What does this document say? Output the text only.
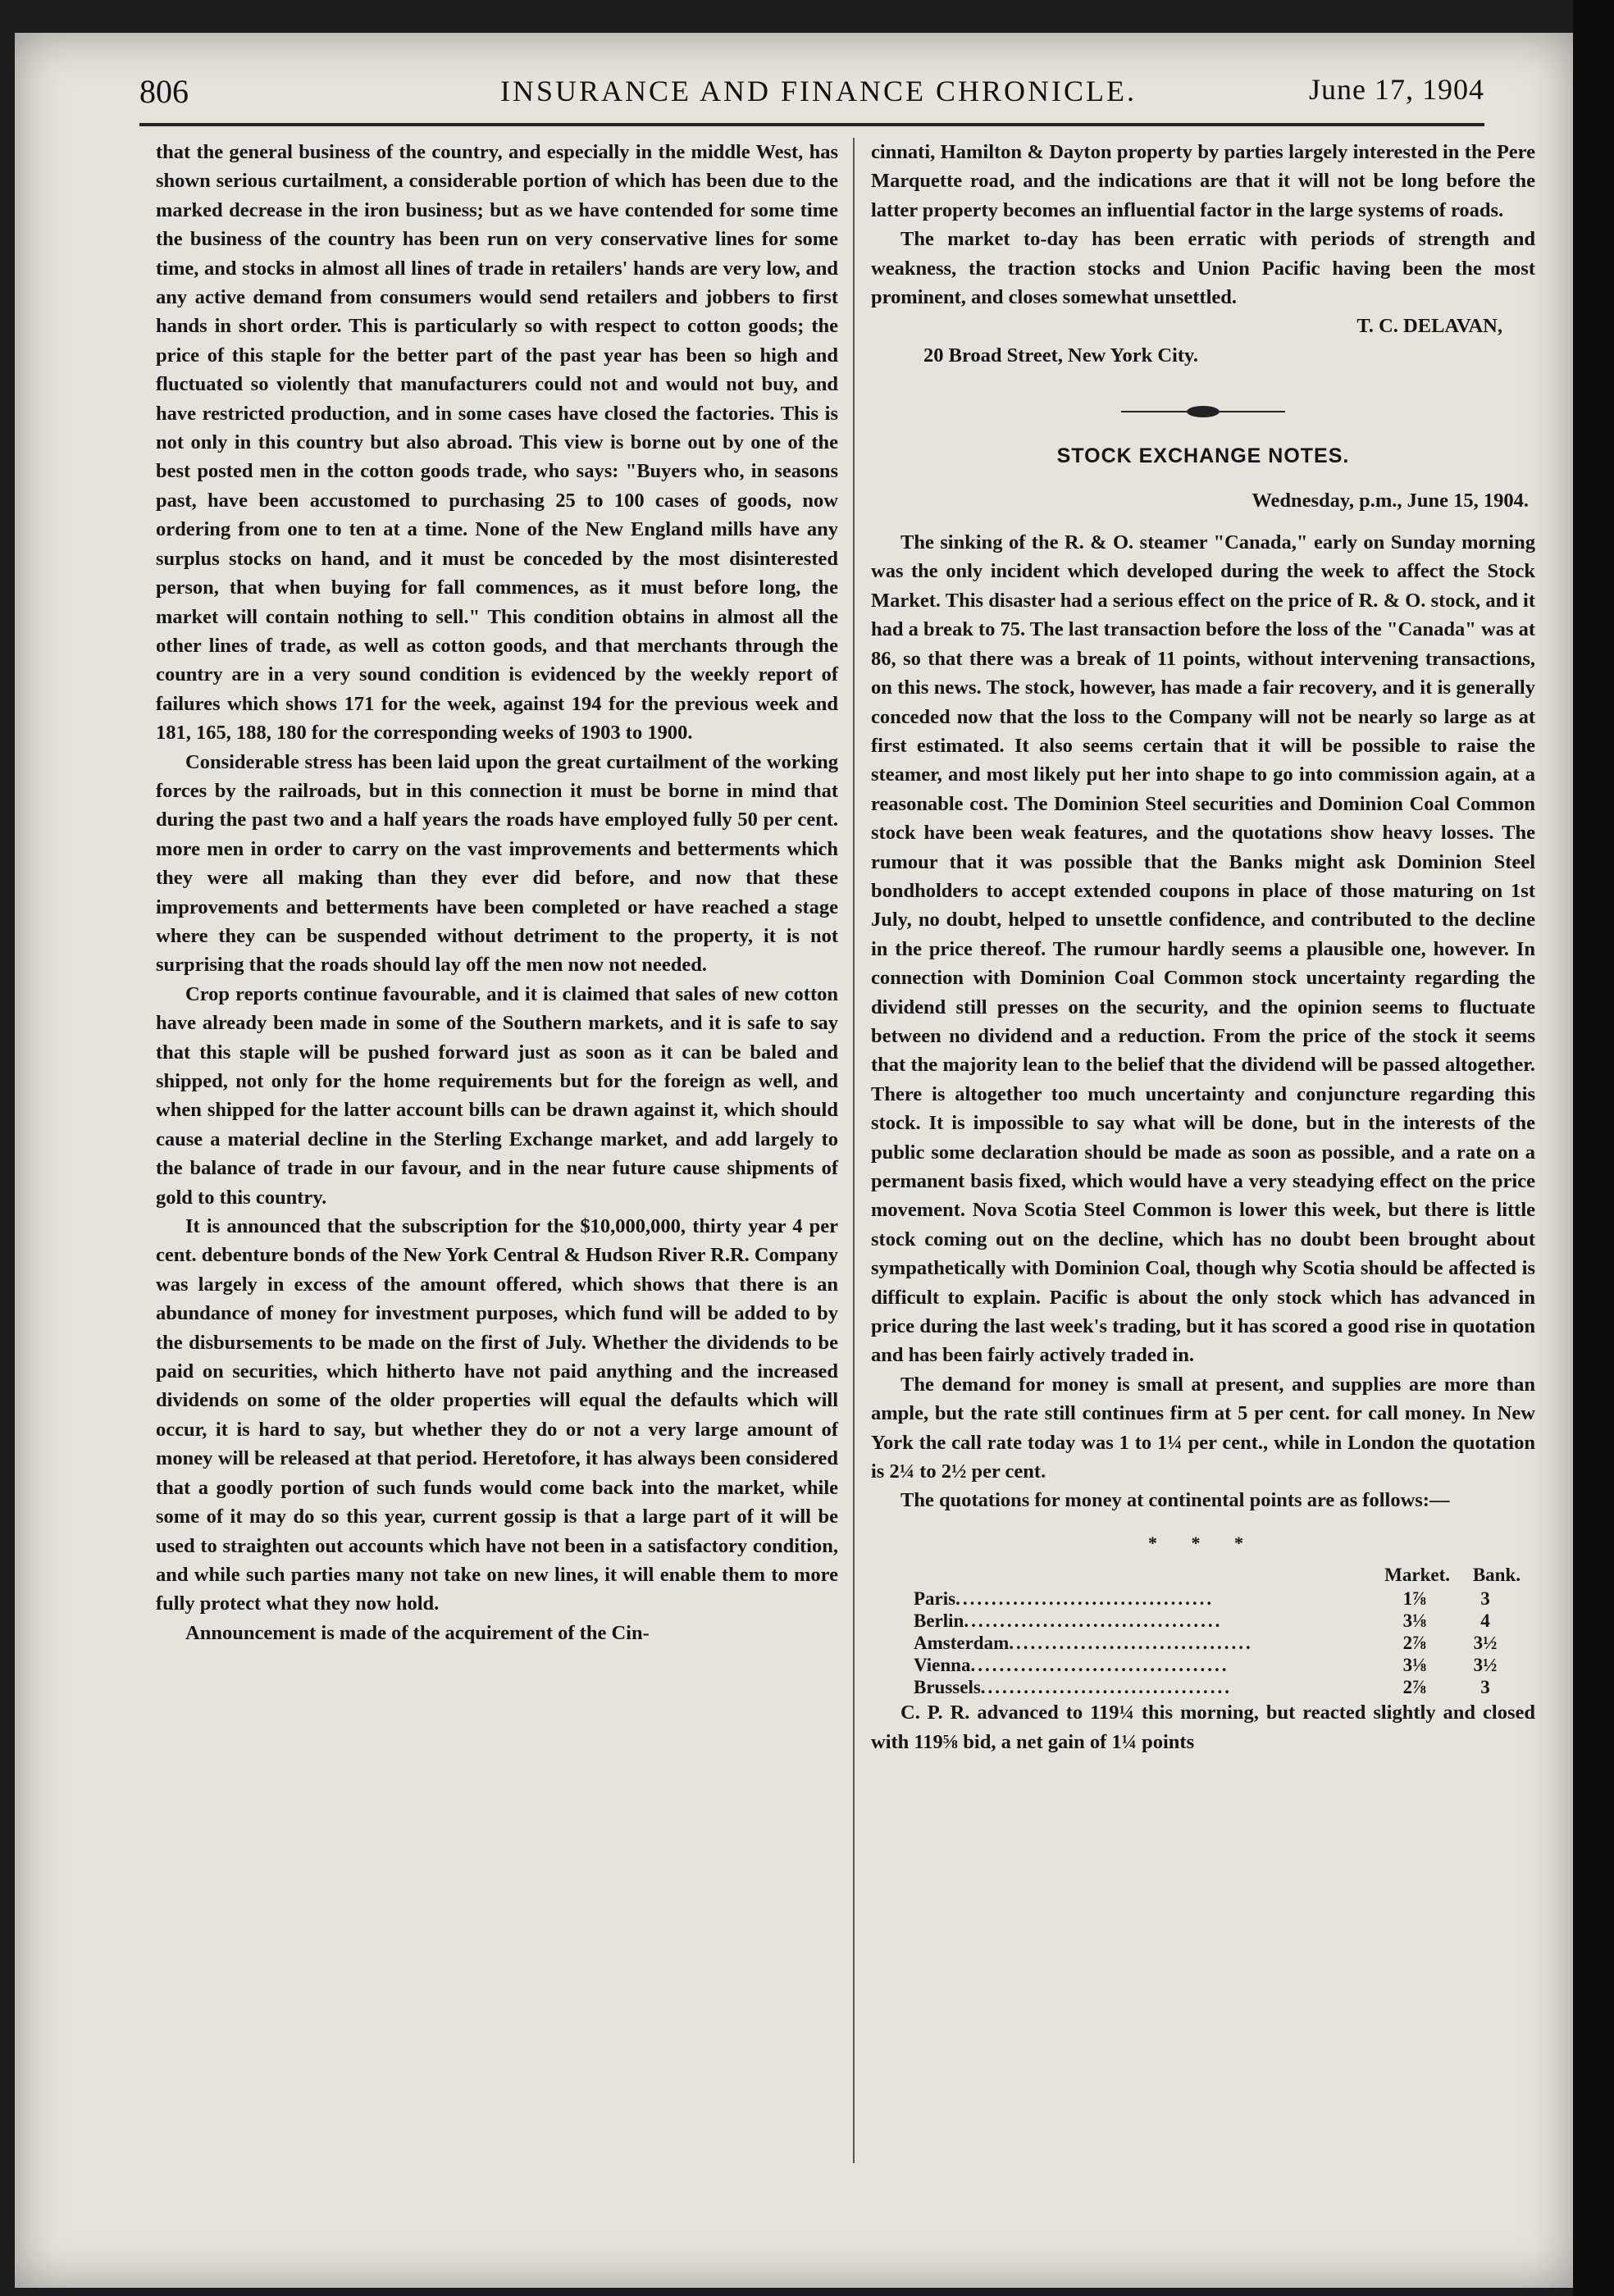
806	INSURANCE AND FINANCE CHRONICLE.	June 17, 1904

that the general business of the country, and especially in the middle West, has shown serious curtailment, a considerable portion of which has been due to the marked decrease in the iron business; but as we have contended for some time the business of the country has been run on very conservative lines for some time, and stocks in almost all lines of trade in retailers' hands are very low, and any active demand from consumers would send retailers and jobbers to first hands in short order. This is particularly so with respect to cotton goods; the price of this staple for the better part of the past year has been so high and fluctuated so violently that manufacturers could not and would not buy, and have restricted production, and in some cases have closed the factories. This is not only in this country but also abroad. This view is borne out by one of the best posted men in the cotton goods trade, who says: "Buyers who, in seasons past, have been accustomed to purchasing 25 to 100 cases of goods, now ordering from one to ten at a time. None of the New England mills have any surplus stocks on hand, and it must be conceded by the most disinterested person, that when buying for fall commences, as it must before long, the market will contain nothing to sell." This condition obtains in almost all the other lines of trade, as well as cotton goods, and that merchants through the country are in a very sound condition is evidenced by the weekly report of failures which shows 171 for the week, against 194 for the previous week and 181, 165, 188, 180 for the corresponding weeks of 1903 to 1900.

Considerable stress has been laid upon the great curtailment of the working forces by the railroads, but in this connection it must be borne in mind that during the past two and a half years the roads have employed fully 50 per cent. more men in order to carry on the vast improvements and betterments which they were all making than they ever did before, and now that these improvements and betterments have been completed or have reached a stage where they can be suspended without detriment to the property, it is not surprising that the roads should lay off the men now not needed.

Crop reports continue favourable, and it is claimed that sales of new cotton have already been made in some of the Southern markets, and it is safe to say that this staple will be pushed forward just as soon as it can be baled and shipped, not only for the home requirements but for the foreign as well, and when shipped for the latter account bills can be drawn against it, which should cause a material decline in the Sterling Exchange market, and add largely to the balance of trade in our favour, and in the near future cause shipments of gold to this country.

It is announced that the subscription for the $10,000,000, thirty year 4 per cent. debenture bonds of the New York Central & Hudson River R.R. Company was largely in excess of the amount offered, which shows that there is an abundance of money for investment purposes, which fund will be added to by the disbursements to be made on the first of July. Whether the dividends to be paid on securities, which hitherto have not paid anything and the increased dividends on some of the older properties will equal the defaults which will occur, it is hard to say, but whether they do or not a very large amount of money will be released at that period. Heretofore, it has always been considered that a goodly portion of such funds would come back into the market, while some of it may do so this year, current gossip is that a large part of it will be used to straighten out accounts which have not been in a satisfactory condition, and while such parties many not take on new lines, it will enable them to more fully protect what they now hold.

Announcement is made of the acquirement of the Cin-

cinnati, Hamilton & Dayton property by parties largely interested in the Pere Marquette road, and the indications are that it will not be long before the latter property becomes an influential factor in the large systems of roads.

The market to-day has been erratic with periods of strength and weakness, the traction stocks and Union Pacific having been the most prominent, and closes somewhat unsettled.

T. C. DELAVAN,

20 Broad Street, New York City.

STOCK EXCHANGE NOTES.
Wednesday, p.m., June 15, 1904.

The sinking of the R. & O. steamer "Canada," early on Sunday morning was the only incident which developed during the week to affect the Stock Market. This disaster had a serious effect on the price of R. & O. stock, and it had a break to 75. The last transaction before the loss of the "Canada" was at 86, so that there was a break of 11 points, without intervening transactions, on this news. The stock, however, has made a fair recovery, and it is generally conceded now that the loss to the Company will not be nearly so large as at first estimated. It also seems certain that it will be possible to raise the steamer, and most likely put her into shape to go into commission again, at a reasonable cost. The Dominion Steel securities and Dominion Coal Common stock have been weak features, and the quotations show heavy losses. The rumour that it was possible that the Banks might ask Dominion Steel bondholders to accept extended coupons in place of those maturing on 1st July, no doubt, helped to unsettle confidence, and contributed to the decline in the price thereof. The rumour hardly seems a plausible one, however. In connection with Dominion Coal Common stock uncertainty regarding the dividend still presses on the security, and the opinion seems to fluctuate between no dividend and a reduction. From the price of the stock it seems that the majority lean to the belief that the dividend will be passed altogether. There is altogether too much uncertainty and conjuncture regarding this stock. It is impossible to say what will be done, but in the interests of the public some declaration should be made as soon as possible, and a rate on a permanent basis fixed, which would have a very steadying effect on the price movement. Nova Scotia Steel Common is lower this week, but there is little stock coming out on the decline, which has no doubt been brought about sympathetically with Dominion Coal, though why Scotia should be affected is difficult to explain. Pacific is about the only stock which has advanced in price during the last week's trading, but it has scored a good rise in quotation and has been fairly actively traded in.

The demand for money is small at present, and supplies are more than ample, but the rate still continues firm at 5 per cent. for call money. In New York the call rate today was 1 to 1¼ per cent., while in London the quotation is 2¼ to 2½ per cent.

The quotations for money at continental points are as follows:—

* * *
	Market.	Bank.
Paris....................................	1⅞	3
Berlin....................................	3⅛	4
Amsterdam..................................	2⅞	3½
Vienna....................................	3⅛	3½
Brussels...................................	2⅞	3

C. P. R. advanced to 119¼ this morning, but reacted slightly and closed with 119⅝ bid, a net gain of 1¼ points
